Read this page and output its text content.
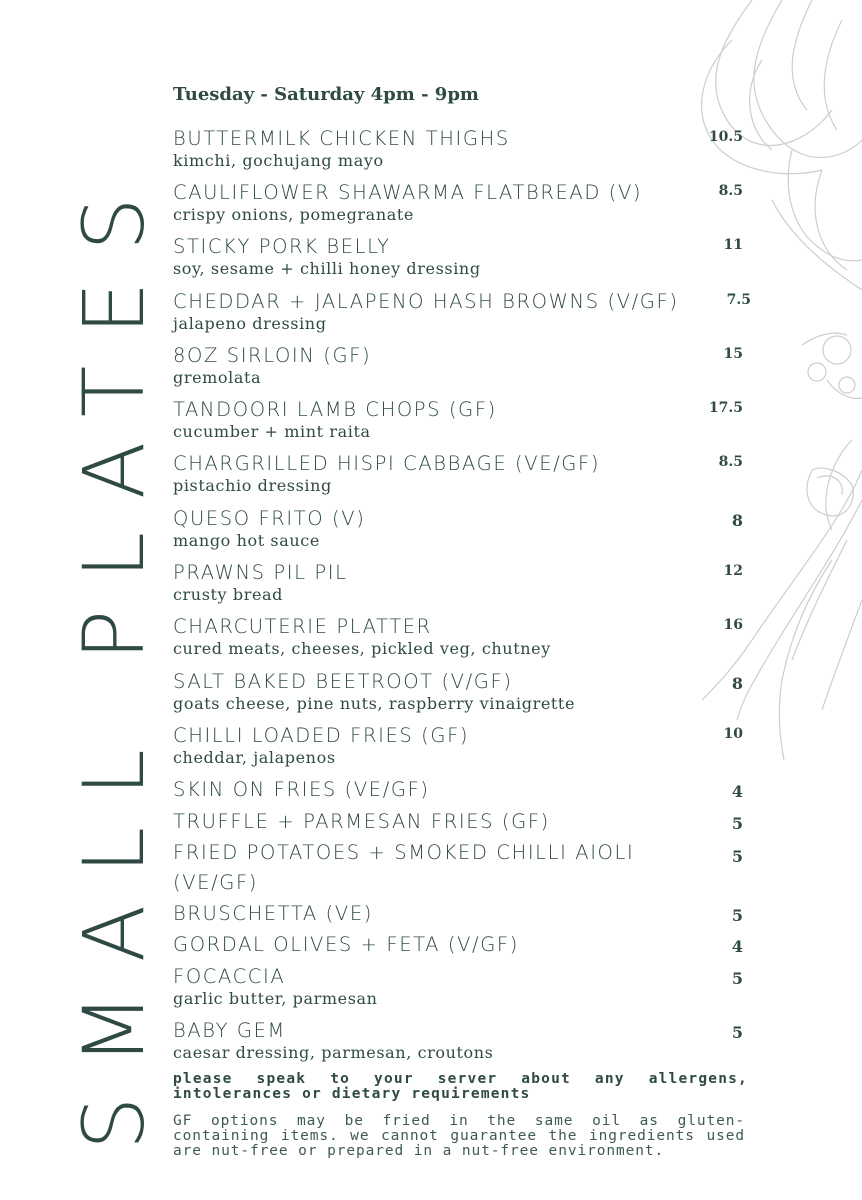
SMALL PLATES
Tuesday - Saturday 4pm - 9pm
BUTTERMILK CHICKEN THIGHS
kimchi, gochujang mayo
10.5
CAULIFLOWER SHAWARMA FLATBREAD (V)
crispy onions, pomegranate
8.5
STICKY PORK BELLY
soy, sesame + chilli honey dressing
11
CHEDDAR + JALAPENO HASH BROWNS (V/GF)
jalapeno dressing
7.5
8OZ SIRLOIN (GF)
gremolata
15
TANDOORI LAMB CHOPS (GF)
cucumber + mint raita
17.5
CHARGRILLED HISPI CABBAGE (VE/GF)
pistachio dressing
8.5
QUESO FRITO (V)
mango hot sauce
8
PRAWNS PIL PIL
crusty bread
12
CHARCUTERIE PLATTER
cured meats, cheeses, pickled veg, chutney
16
SALT BAKED BEETROOT (V/GF)
goats cheese, pine nuts, raspberry vinaigrette
8
CHILLI LOADED FRIES (GF)
cheddar, jalapenos
10
SKIN ON FRIES (VE/GF)	4
TRUFFLE + PARMESAN FRIES (GF)	5
FRIED POTATOES + SMOKED CHILLI AIOLI (VE/GF)
5
BRUSCHETTA (VE)	5
GORDAL OLIVES + FETA (V/GF)	4
FOCACCIA
garlic butter, parmesan
5
BABY GEM
caesar dressing, parmesan, croutons
5
please speak to your server about any allergens, intolerances or dietary requirements
GF options may be fried in the same oil as gluten-containing items. we cannot guarantee the ingredients used are nut-free or prepared in a nut-free environment.
